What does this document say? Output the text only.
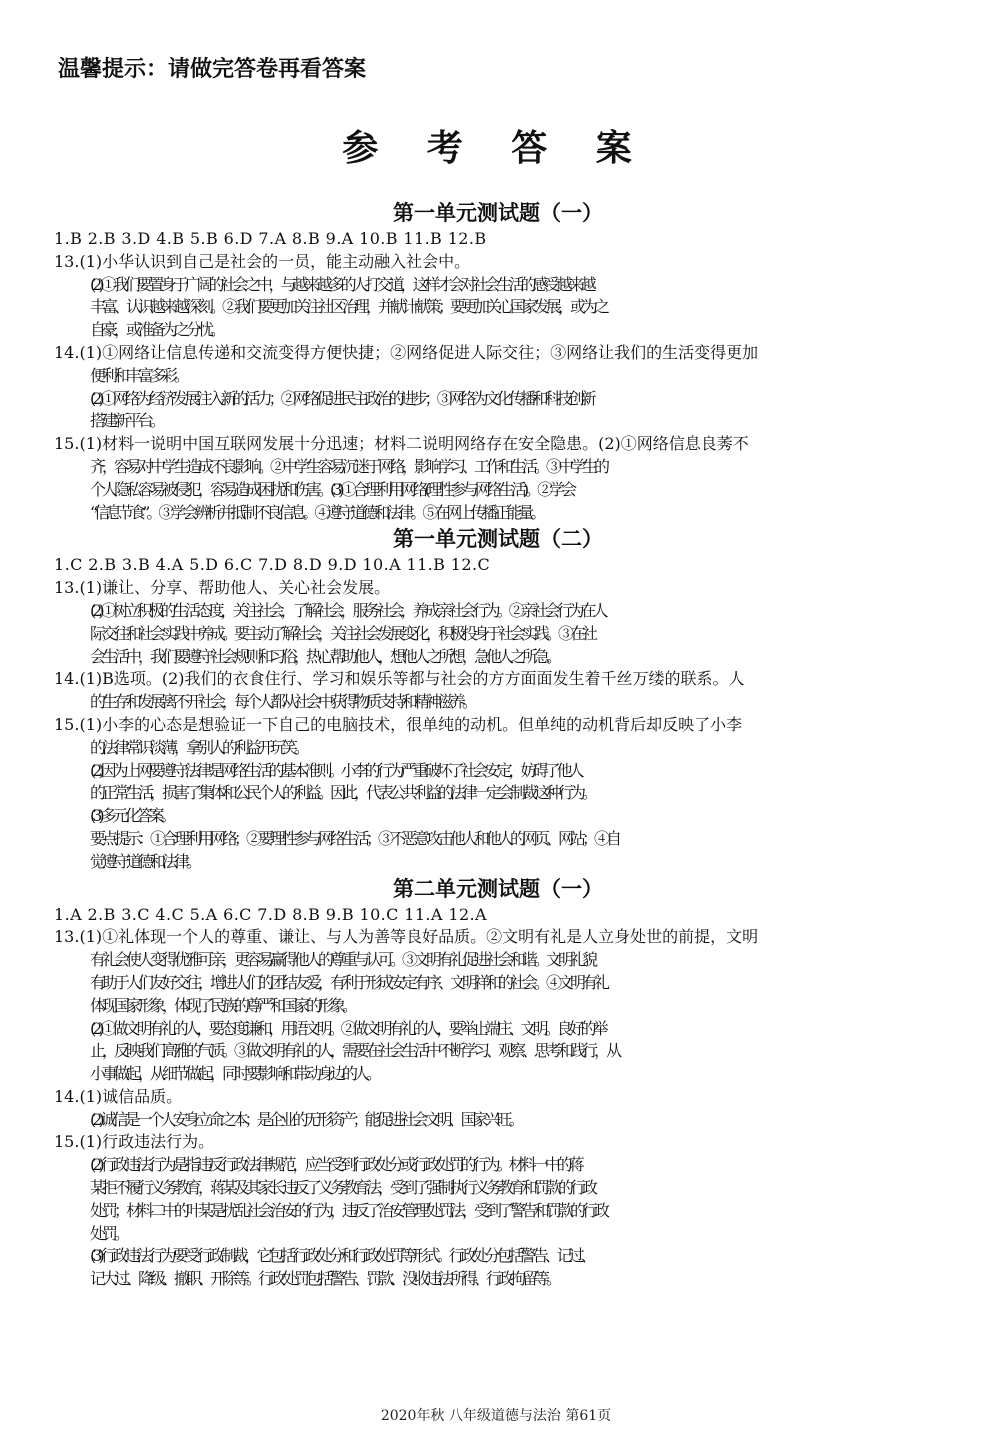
温馨提示：请做完答卷再看答案
参 考 答 案
第一单元测试题（一）
1.B 2.B 3.D 4.B 5.B 6.D 7.A 8.B 9.A 10.B 11.B 12.B
13.(1)小华认识到自己是社会的一员，能主动融入社会中。
(2)①我们要置身于广阔的社会之中，与越来越多的人打交道，这样才会对社会生活的感受越来越
丰富、认识越来越深刻。②我们要更加关注社区治理，并献计献策；要更加关心国家发展，或为之
自豪，或准备为之分忧。
14.(1)①网络让信息传递和交流变得方便快捷；②网络促进人际交往；③网络让我们的生活变得更加
便利和丰富多彩。
(2)①网络为经济发展注入新的活力；②网络促进民主政治的进步；③网络为文化传播和科技创新
搭建新平台。
15.(1)材料一说明中国互联网发展十分迅速；材料二说明网络存在安全隐患。(2)①网络信息良莠不
齐，容易对中学生造成不良影响。②中学生容易沉迷于网络，影响学习、工作和生活。③中学生的
个人隐私容易被侵犯，容易造成困扰和伤害。(3)①合理利用网络(理性参与网络生活)。②学会
“信息节食”。③学会辨析并抵制不良信息。④遵守道德和法律。⑤在网上传播正能量。
第一单元测试题（二）
1.C 2.B 3.B 4.A 5.D 6.C 7.D 8.D 9.D 10.A 11.B 12.C
13.(1)谦让、分享、帮助他人、关心社会发展。
(2)①树立积极的生活态度，关注社会，了解社会，服务社会，养成亲社会行为。②亲社会行为在人
际交往和社会实践中养成。要主动了解社会，关注社会发展变化，积极投身于社会实践。③在社
会生活中，我们要遵守社会规则和习俗，热心帮助他人，想他人之所想，急他人之所急。
14.(1)B选项。(2)我们的衣食住行、学习和娱乐等都与社会的方方面面发生着千丝万缕的联系。人
的生存和发展离不开社会，每个人都从社会中获得物质支持和精神滋养。
15.(1)小李的心态是想验证一下自己的电脑技术，很单纯的动机。但单纯的动机背后却反映了小李
的法律常识淡薄，拿别人的利益开玩笑。
(2)因为上网要遵守法律是网络生活的基本准则。小李的行为严重破坏了社会安定，妨碍了他人
的正常生活，损害了集体和公民个人的利益。因此，代表公共利益的法律一定会制裁这种行为。
(3)多元化答案。
要点提示：①合理利用网络；②要理性参与网络生活；③不恶意攻击他人和他人的网页、网站；④自
觉遵守道德和法律。
第二单元测试题（一）
1.A 2.B 3.C 4.C 5.A 6.C 7.D 8.B 9.B 10.C 11.A 12.A
13.(1)①礼体现一个人的尊重、谦让、与人为善等良好品质。②文明有礼是人立身处世的前提，文明
有礼会使人变得优雅可亲，更容易赢得他人的尊重与认可。③文明有礼促进社会和谐。文明礼貌
有助于人们友好交往，增进人们的团结友爱，有利于形成安定有序、文明祥和的社会。④文明有礼
体现国家形象，体现了民族的尊严和国家的形象。
(2)①做文明有礼的人，要态度谦和，用语文明。②做文明有礼的人，要举止端庄、文明。良好的举
止，反映我们高雅的气质。③做文明有礼的人，需要在社会生活中不断学习、观察、思考和践行，从
小事做起，从细节做起，同时要影响和带动身边的人。
14.(1)诚信品质。
(2)诚信是一个人安身立命之本；是企业的无形资产；能促进社会文明、国家兴旺。
15.(1)行政违法行为。
(2)行政违法行为是指违反行政法律规范，应当受到行政处分或行政处罚的行为。材料一中的蒋
某拒不履行义务教育，蒋某及其家长违反了义务教育法，受到了强制执行义务教育和罚款的行政
处罚；材料二中的叶某是扰乱社会治安的行为，违反了治安管理处罚法，受到了警告和罚款的行政
处罚。
(3)行政违法行为要受行政制裁，它包括行政处分和行政处罚等形式。行政处分包括警告、记过、
记大过、降级、撤职、开除等。行政处罚包括警告、罚款、没收违法所得、行政拘留等。
2020年秋 八年级道德与法治 第61页
